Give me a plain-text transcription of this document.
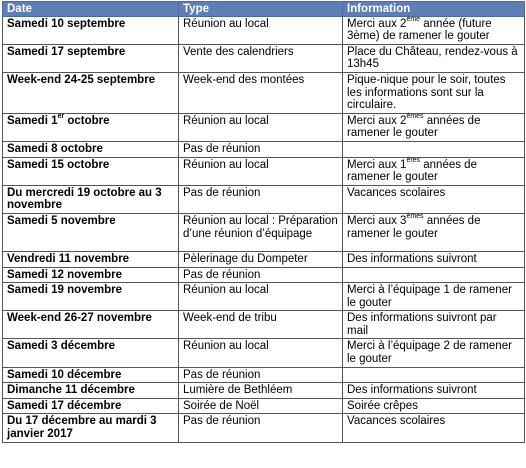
Date	Type	Information
Samedi 10 septembre	Réunion au local	Merci aux 2ème année (future 3ème) de ramener le gouter
Samedi 17 septembre	Vente des calendriers	Place du Château, rendez-vous à 13h45
Week-end 24-25 septembre	Week-end des montées	Pique-nique pour le soir, toutes les informations sont sur la circulaire.
Samedi 1er octobre	Réunion au local	Merci aux 2èmes années de ramener le gouter
Samedi 8 octobre	Pas de réunion	
Samedi 15 octobre	Réunion au local	Merci aux 1ères années de ramener le gouter
Du mercredi 19 octobre au 3 novembre	Pas de réunion	Vacances scolaires
Samedi 5 novembre	Réunion au local : Préparation d’une réunion d’équipage	Merci aux 3èmes années de ramener le gouter
Vendredi 11 novembre	Pèlerinage du Dompeter	Des informations suivront
Samedi 12 novembre	Pas de réunion	
Samedi 19 novembre	Réunion au local	Merci à l’équipage 1 de ramener le gouter
Week-end 26-27 novembre	Week-end de tribu	Des informations suivront par mail
Samedi 3 décembre	Réunion au local	Merci à l’équipage 2 de ramener le gouter
Samedi 10 décembre	Pas de réunion	
Dimanche 11 décembre	Lumière de Bethléem	Des informations suivront
Samedi 17 décembre	Soirée de Noël	Soirée crêpes
Du 17 décembre au mardi 3 janvier 2017	Pas de réunion	Vacances scolaires
